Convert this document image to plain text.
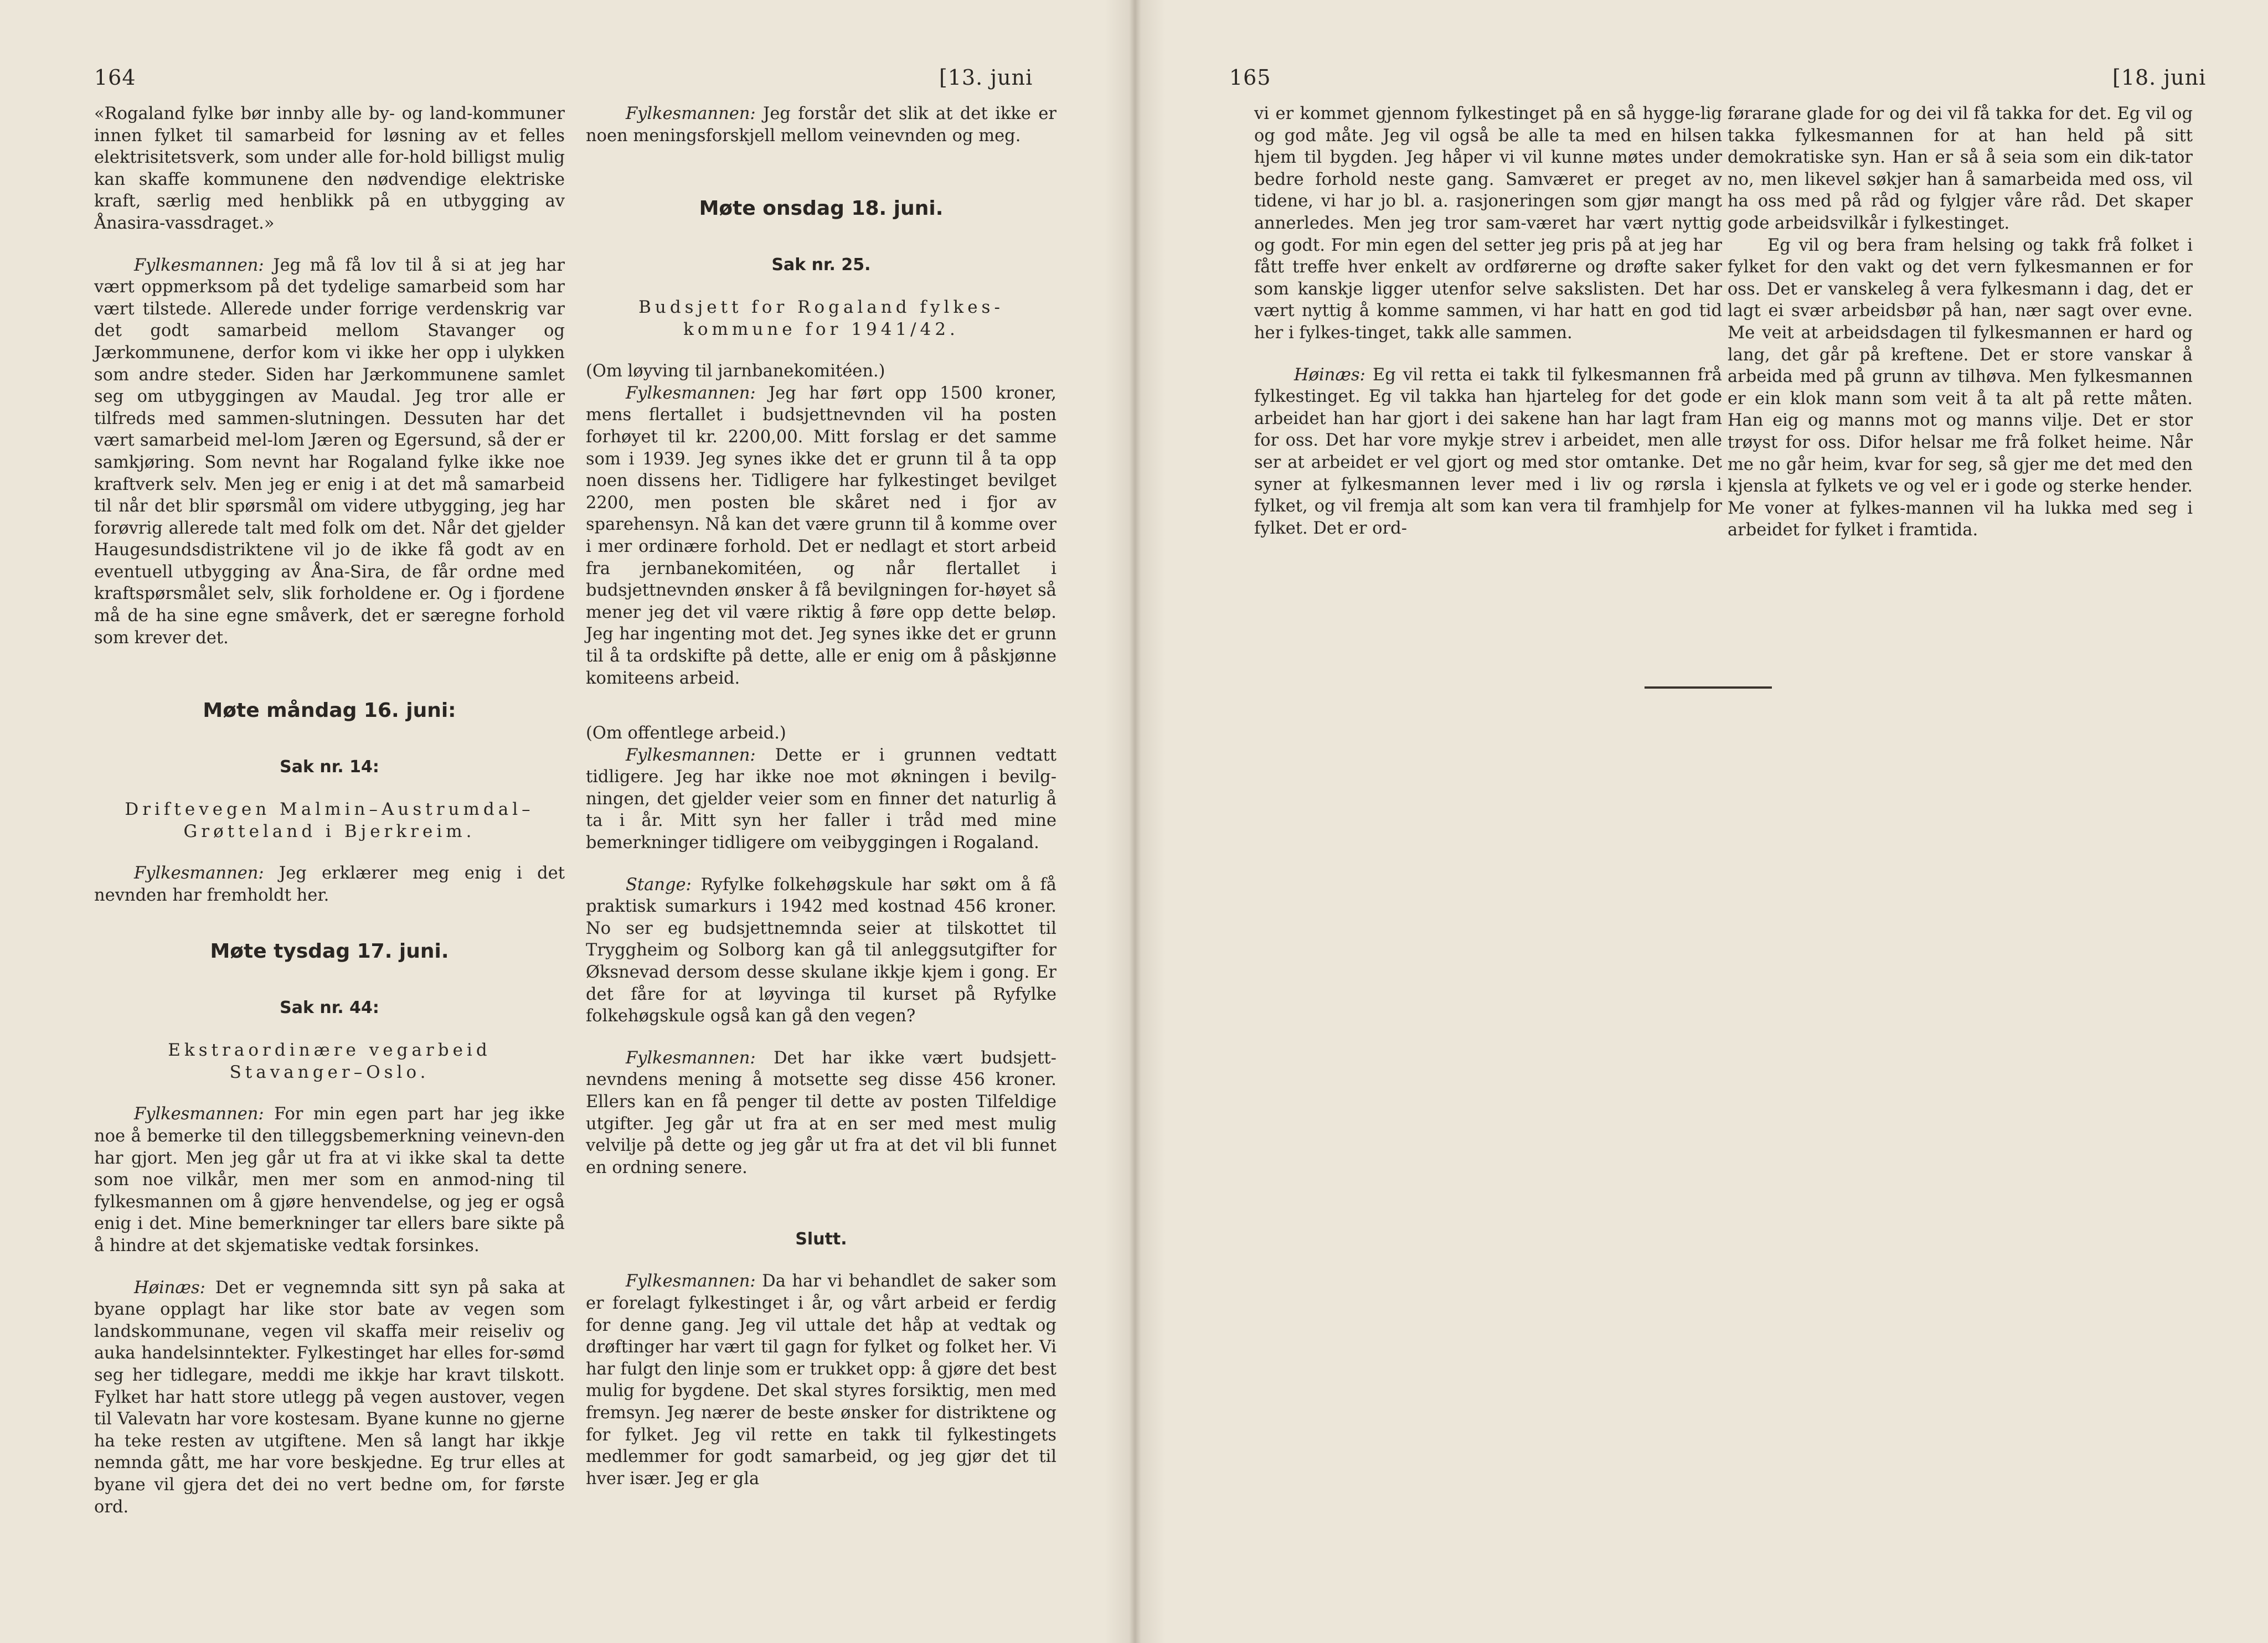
164	[13. juni

«Rogaland fylke bør innby alle by- og land-kommuner innen fylket til samarbeid for løsning av et felles elektrisitetsverk, som under alle for-hold billigst mulig kan skaffe kommunene den nødvendige elektriske kraft, særlig med henblikk på en utbygging av Ånasira-vassdraget.»

Fylkesmannen: Jeg må få lov til å si at jeg har vært oppmerksom på det tydelige samarbeid som har vært tilstede. Allerede under forrige verdenskrig var det godt samarbeid mellom Stavanger og Jærkommunene, derfor kom vi ikke her opp i ulykken som andre steder. Siden har Jærkommunene samlet seg om utbyggingen av Maudal. Jeg tror alle er tilfreds med sammen-slutningen. Dessuten har det vært samarbeid mel-lom Jæren og Egersund, så der er samkjøring. Som nevnt har Rogaland fylke ikke noe kraftverk selv. Men jeg er enig i at det må samarbeid til når det blir spørsmål om videre utbygging, jeg har forøvrig allerede talt med folk om det. Når det gjelder Haugesundsdistriktene vil jo de ikke få godt av en eventuell utbygging av Åna-Sira, de får ordne med kraftspørsmålet selv, slik forholdene er. Og i fjordene må de ha sine egne småverk, det er særegne forhold som krever det.

Møte måndag 16. juni:
Sak nr. 14:
Driftevegen Malmin–Austrumdal–
Grøtteland i Bjerkreim.

Fylkesmannen: Jeg erklærer meg enig i det nevnden har fremholdt her.

Møte tysdag 17. juni.
Sak nr. 44:
Ekstraordinære vegarbeid
Stavanger–Oslo.

Fylkesmannen: For min egen part har jeg ikke noe å bemerke til den tilleggsbemerkning veinevn-den har gjort. Men jeg går ut fra at vi ikke skal ta dette som noe vilkår, men mer som en anmod-ning til fylkesmannen om å gjøre henvendelse, og jeg er også enig i det. Mine bemerkninger tar ellers bare sikte på å hindre at det skjematiske vedtak forsinkes.

Høinæs: Det er vegnemnda sitt syn på saka at byane opplagt har like stor bate av vegen som landskommunane, vegen vil skaffa meir reiseliv og auka handelsinntekter. Fylkestinget har elles for-sømd seg her tidlegare, meddi me ikkje har kravt tilskott. Fylket har hatt store utlegg på vegen austover, vegen til Valevatn har vore kostesam. Byane kunne no gjerne ha teke resten av utgiftene. Men så langt har ikkje nemnda gått, me har vore beskjedne. Eg trur elles at byane vil gjera det dei no vert bedne om, for første ord.

Fylkesmannen: Jeg forstår det slik at det ikke er noen meningsforskjell mellom veinevnden og meg.

Møte onsdag 18. juni.
Sak nr. 25.
Budsjett for Rogaland fylkes-
kommune for 1941/42.

(Om løyving til jarnbanekomitéen.)

Fylkesmannen: Jeg har ført opp 1500 kroner, mens flertallet i budsjettnevnden vil ha posten forhøyet til kr. 2200,00. Mitt forslag er det samme som i 1939. Jeg synes ikke det er grunn til å ta opp noen dissens her. Tidligere har fylkestinget bevilget 2200, men posten ble skåret ned i fjor av sparehensyn. Nå kan det være grunn til å komme over i mer ordinære forhold. Det er nedlagt et stort arbeid fra jernbanekomitéen, og når flertallet i budsjettnevnden ønsker å få bevilgningen for-høyet så mener jeg det vil være riktig å føre opp dette beløp. Jeg har ingenting mot det. Jeg synes ikke det er grunn til å ta ordskifte på dette, alle er enig om å påskjønne komiteens arbeid.

(Om offentlege arbeid.)

Fylkesmannen: Dette er i grunnen vedtatt tidligere. Jeg har ikke noe mot økningen i bevilg-ningen, det gjelder veier som en finner det naturlig å ta i år. Mitt syn her faller i tråd med mine bemerkninger tidligere om veibyggingen i Rogaland.

Stange: Ryfylke folkehøgskule har søkt om å få praktisk sumarkurs i 1942 med kostnad 456 kroner. No ser eg budsjettnemnda seier at tilskottet til Tryggheim og Solborg kan gå til anleggsutgifter for Øksnevad dersom desse skulane ikkje kjem i gong. Er det fåre for at løyvinga til kurset på Ryfylke folkehøgskule også kan gå den vegen?

Fylkesmannen: Det har ikke vært budsjett-nevndens mening å motsette seg disse 456 kroner. Ellers kan en få penger til dette av posten Tilfeldige utgifter. Jeg går ut fra at en ser med mest mulig velvilje på dette og jeg går ut fra at det vil bli funnet en ordning senere.

Slutt.

Fylkesmannen: Da har vi behandlet de saker som er forelagt fylkestinget i år, og vårt arbeid er ferdig for denne gang. Jeg vil uttale det håp at vedtak og drøftinger har vært til gagn for fylket og folket her. Vi har fulgt den linje som er trukket opp: å gjøre det best mulig for bygdene. Det skal styres forsiktig, men med fremsyn. Jeg nærer de beste ønsker for distriktene og for fylket. Jeg vil rette en takk til fylkestingets medlemmer for godt samarbeid, og jeg gjør det til hver især. Jeg er gla

165	[18. juni

vi er kommet gjennom fylkestinget på en så hygge-lig og god måte. Jeg vil også be alle ta med en hilsen hjem til bygden. Jeg håper vi vil kunne møtes under bedre forhold neste gang. Samværet er preget av tidene, vi har jo bl. a. rasjoneringen som gjør mangt annerledes. Men jeg tror sam-været har vært nyttig og godt. For min egen del setter jeg pris på at jeg har fått treffe hver enkelt av ordførerne og drøfte saker som kanskje ligger utenfor selve sakslisten. Det har vært nyttig å komme sammen, vi har hatt en god tid her i fylkes-tinget, takk alle sammen.

Høinæs: Eg vil retta ei takk til fylkesmannen frå fylkestinget. Eg vil takka han hjarteleg for det gode arbeidet han har gjort i dei sakene han har lagt fram for oss. Det har vore mykje strev i arbeidet, men alle ser at arbeidet er vel gjort og med stor omtanke. Det syner at fylkesmannen lever med i liv og rørsla i fylket, og vil fremja alt som kan vera til framhjelp for fylket. Det er ord-

førarane glade for og dei vil få takka for det. Eg vil og takka fylkesmannen for at han held på sitt demokratiske syn. Han er så å seia som ein dik-tator no, men likevel søkjer han å samarbeida med oss, vil ha oss med på råd og fylgjer våre råd. Det skaper gode arbeidsvilkår i fylkestinget.

Eg vil og bera fram helsing og takk frå folket i fylket for den vakt og det vern fylkesmannen er for oss. Det er vanskeleg å vera fylkesmann i dag, det er lagt ei svær arbeidsbør på han, nær sagt over evne. Me veit at arbeidsdagen til fylkesmannen er hard og lang, det går på kreftene. Det er store vanskar å arbeida med på grunn av tilhøva. Men fylkesmannen er ein klok mann som veit å ta alt på rette måten. Han eig og manns mot og manns vilje. Det er stor trøyst for oss. Difor helsar me frå folket heime. Når me no går heim, kvar for seg, så gjer me det med den kjensla at fylkets ve og vel er i gode og sterke hender. Me voner at fylkes-mannen vil ha lukka med seg i arbeidet for fylket i framtida.
